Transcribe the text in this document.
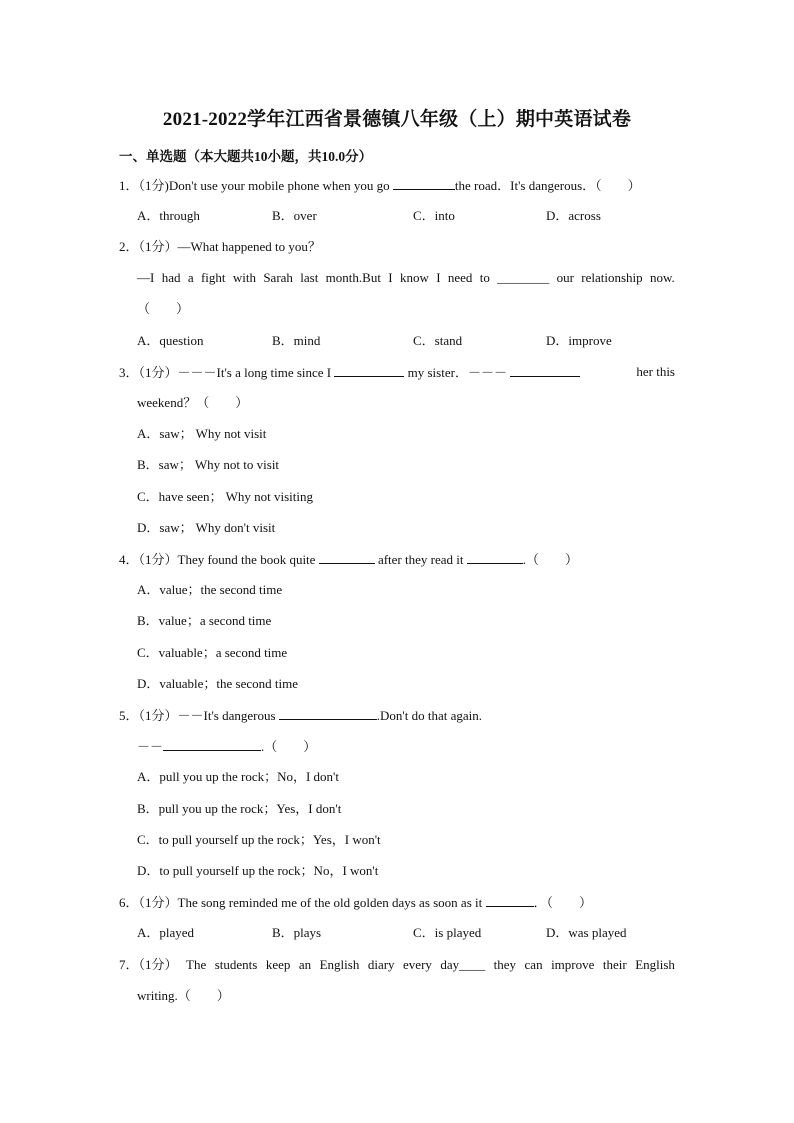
2021-2022学年江西省景德镇八年级（上）期中英语试卷
一、单选题（本大题共10小题，共10.0分）
1．（1分)Don't use your mobile phone when you go	the road．It's dangerous．（　　）
A．through	B．over	C．into	D．across
2．（1分）—What happened to you？
—I had a fight with Sarah last month.But I know I need to ________ our relationship now.
（　　）
A．question	B．mind	C．stand	D．improve
3．（1分）－－－It's a long time since I	my sister．－－－	her this
weekend？（　　）
A．saw； Why not visit
B．saw； Why not to visit
C．have seen； Why not visiting
D．saw； Why don't visit
4．（1分）They found the book quite	after they read it	.（　　）
A．value；the second time
B．value；a second time
C．valuable；a second time
D．valuable；the second time
5．（1分）－－It's dangerous	.Don't do that again.
－－	.（　　）
A．pull you up the rock；No，I don't
B．pull you up the rock；Yes，I don't
C．to pull yourself up the rock；Yes，I won't
D．to pull yourself up the rock；No，I won't
6．（1分）The song reminded me of the old golden days as soon as it	．（　　）
A．played	B．plays	C．is played	D．was played
7．（1分） The students keep an English diary every day____ they can improve their English
writing.（　　）
